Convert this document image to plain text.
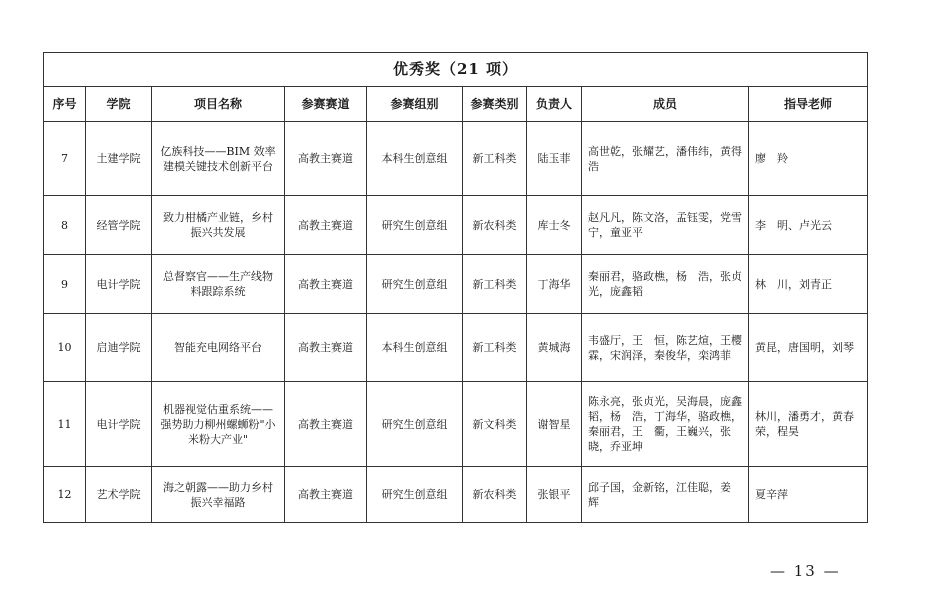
优秀奖（21 项）								
序号	学院	项目名称	参赛赛道	参赛组别	参赛类别	负责人	成员	指导老师
7	土建学院	亿族科技——BIM 效率建模关键技术创新平台	高教主赛道	本科生创意组	新工科类	陆玉菲	高世乾，张耀艺，潘伟纬，黄得浩	廖　羚
8	经管学院	致力柑橘产业链，乡村振兴共发展	高教主赛道	研究生创意组	新农科类	库士冬	赵凡凡，陈文洛，孟钰雯，党雪宁，童亚平	李　明、卢光云
9	电计学院	总督察官——生产线物料跟踪系统	高教主赛道	研究生创意组	新工科类	丁海华	秦丽君，骆政樵，杨　浩，张贞光，庞鑫韬	林　川，刘青正
10	启迪学院	智能充电网络平台	高教主赛道	本科生创意组	新工科类	黄城海	韦盛厅，王　恒，陈艺煊，王樱霖，宋润泽，秦俊华，栾鸿菲	黄昆，唐国明，刘琴
11	电计学院	机器视觉估重系统——强势助力柳州螺蛳粉"小米粉大产业"	高教主赛道	研究生创意组	新文科类	谢智星	陈永亮，张贞光，吴海晨，庞鑫韬，杨　浩，丁海华，骆政樵，秦丽君，王　衢，王巍兴，张　晓，乔亚坤	林川，潘勇才，黄春荣，程昊
12	艺术学院	海之朝露——助力乡村振兴幸福路	高教主赛道	研究生创意组	新农科类	张银平	邱子国，金新铭，江佳聪，姜　辉	夏辛萍
— 13 —
